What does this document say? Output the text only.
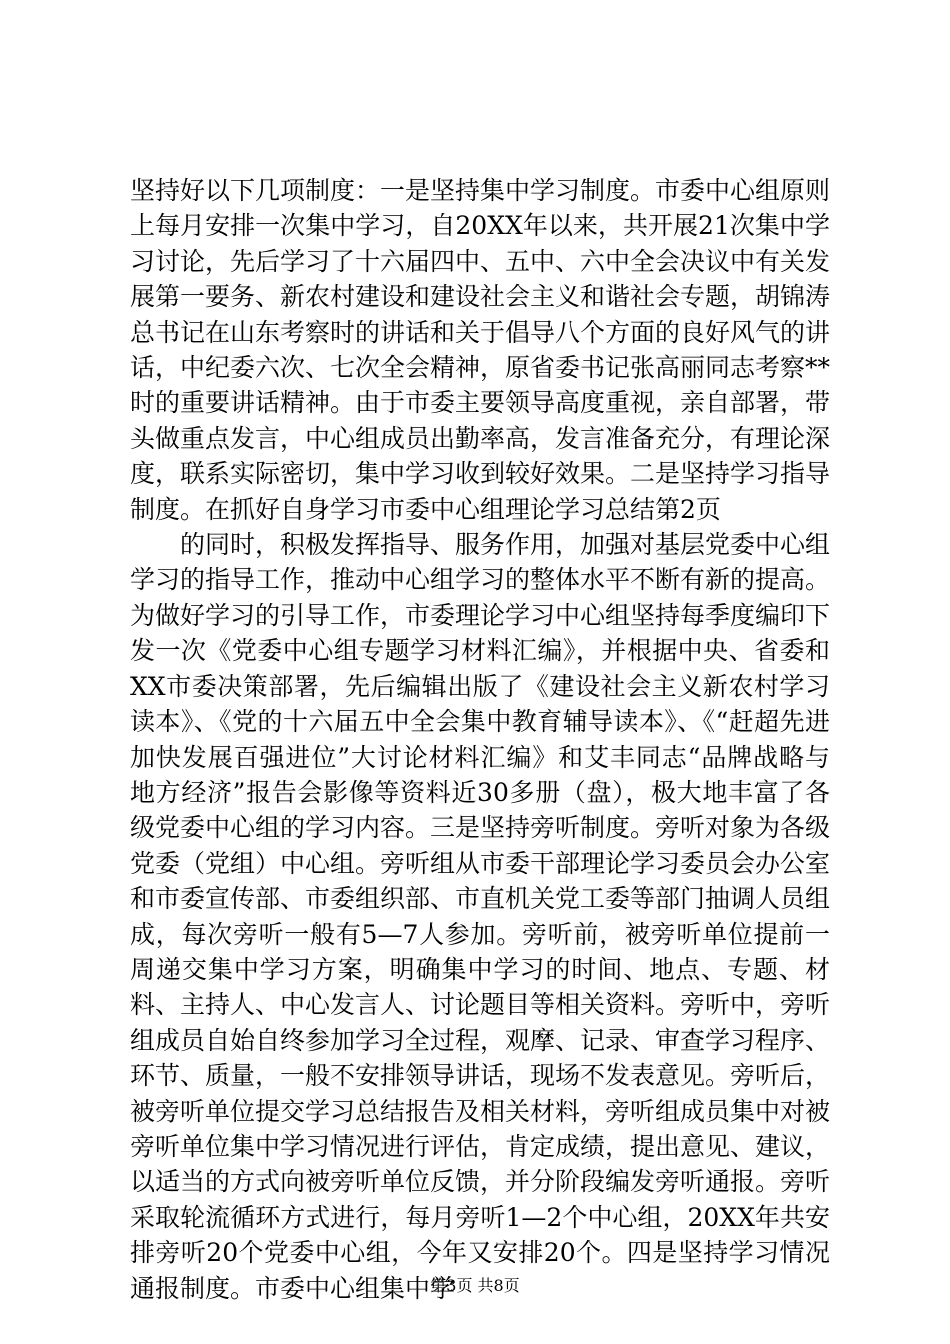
坚持好以下几项制度：一是坚持集中学习制度。市委中心组原则上每月安排一次集中学习，自20XX年以来，共开展21次集中学习讨论，先后学习了十六届四中、五中、六中全会决议中有关发展第一要务、新农村建设和建设社会主义和谐社会专题，胡锦涛总书记在山东考察时的讲话和关于倡导八个方面的良好风气的讲话，中纪委六次、七次全会精神，原省委书记张高丽同志考察**时的重要讲话精神。由于市委主要领导高度重视，亲自部署，带头做重点发言，中心组成员出勤率高，发言准备充分，有理论深度，联系实际密切，集中学习收到较好效果。二是坚持学习指导制度。在抓好自身学习市委中心组理论学习总结第2页

的同时，积极发挥指导、服务作用，加强对基层党委中心组学习的指导工作，推动中心组学习的整体水平不断有新的提高。为做好学习的引导工作，市委理论学习中心组坚持每季度编印下发一次《党委中心组专题学习材料汇编》，并根据中央、省委和XX市委决策部署，先后编辑出版了《建设社会主义新农村学习读本》、《党的十六届五中全会集中教育辅导读本》、《“赶超先进加快发展百强进位”大讨论材料汇编》和艾丰同志“品牌战略与地方经济”报告会影像等资料近30多册（盘），极大地丰富了各级党委中心组的学习内容。三是坚持旁听制度。旁听对象为各级党委（党组）中心组。旁听组从市委干部理论学习委员会办公室和市委宣传部、市委组织部、市直机关党工委等部门抽调人员组成，每次旁听一般有5—7人参加。旁听前，被旁听单位提前一周递交集中学习方案，明确集中学习的时间、地点、专题、材料、主持人、中心发言人、讨论题目等相关资料。旁听中，旁听组成员自始自终参加学习全过程，观摩、记录、审查学习程序、环节、质量，一般不安排领导讲话，现场不发表意见。旁听后，被旁听单位提交学习总结报告及相关材料，旁听组成员集中对被旁听单位集中学习情况进行评估，肯定成绩，提出意见、建议，以适当的方式向被旁听单位反馈，并分阶段编发旁听通报。旁听采取轮流循环方式进行，每月旁听1—2个中心组，20XX年共安排旁听20个党委中心组，今年又安排20个。四是坚持学习情况通报制度。市委中心组集中学

第3页 共8页
